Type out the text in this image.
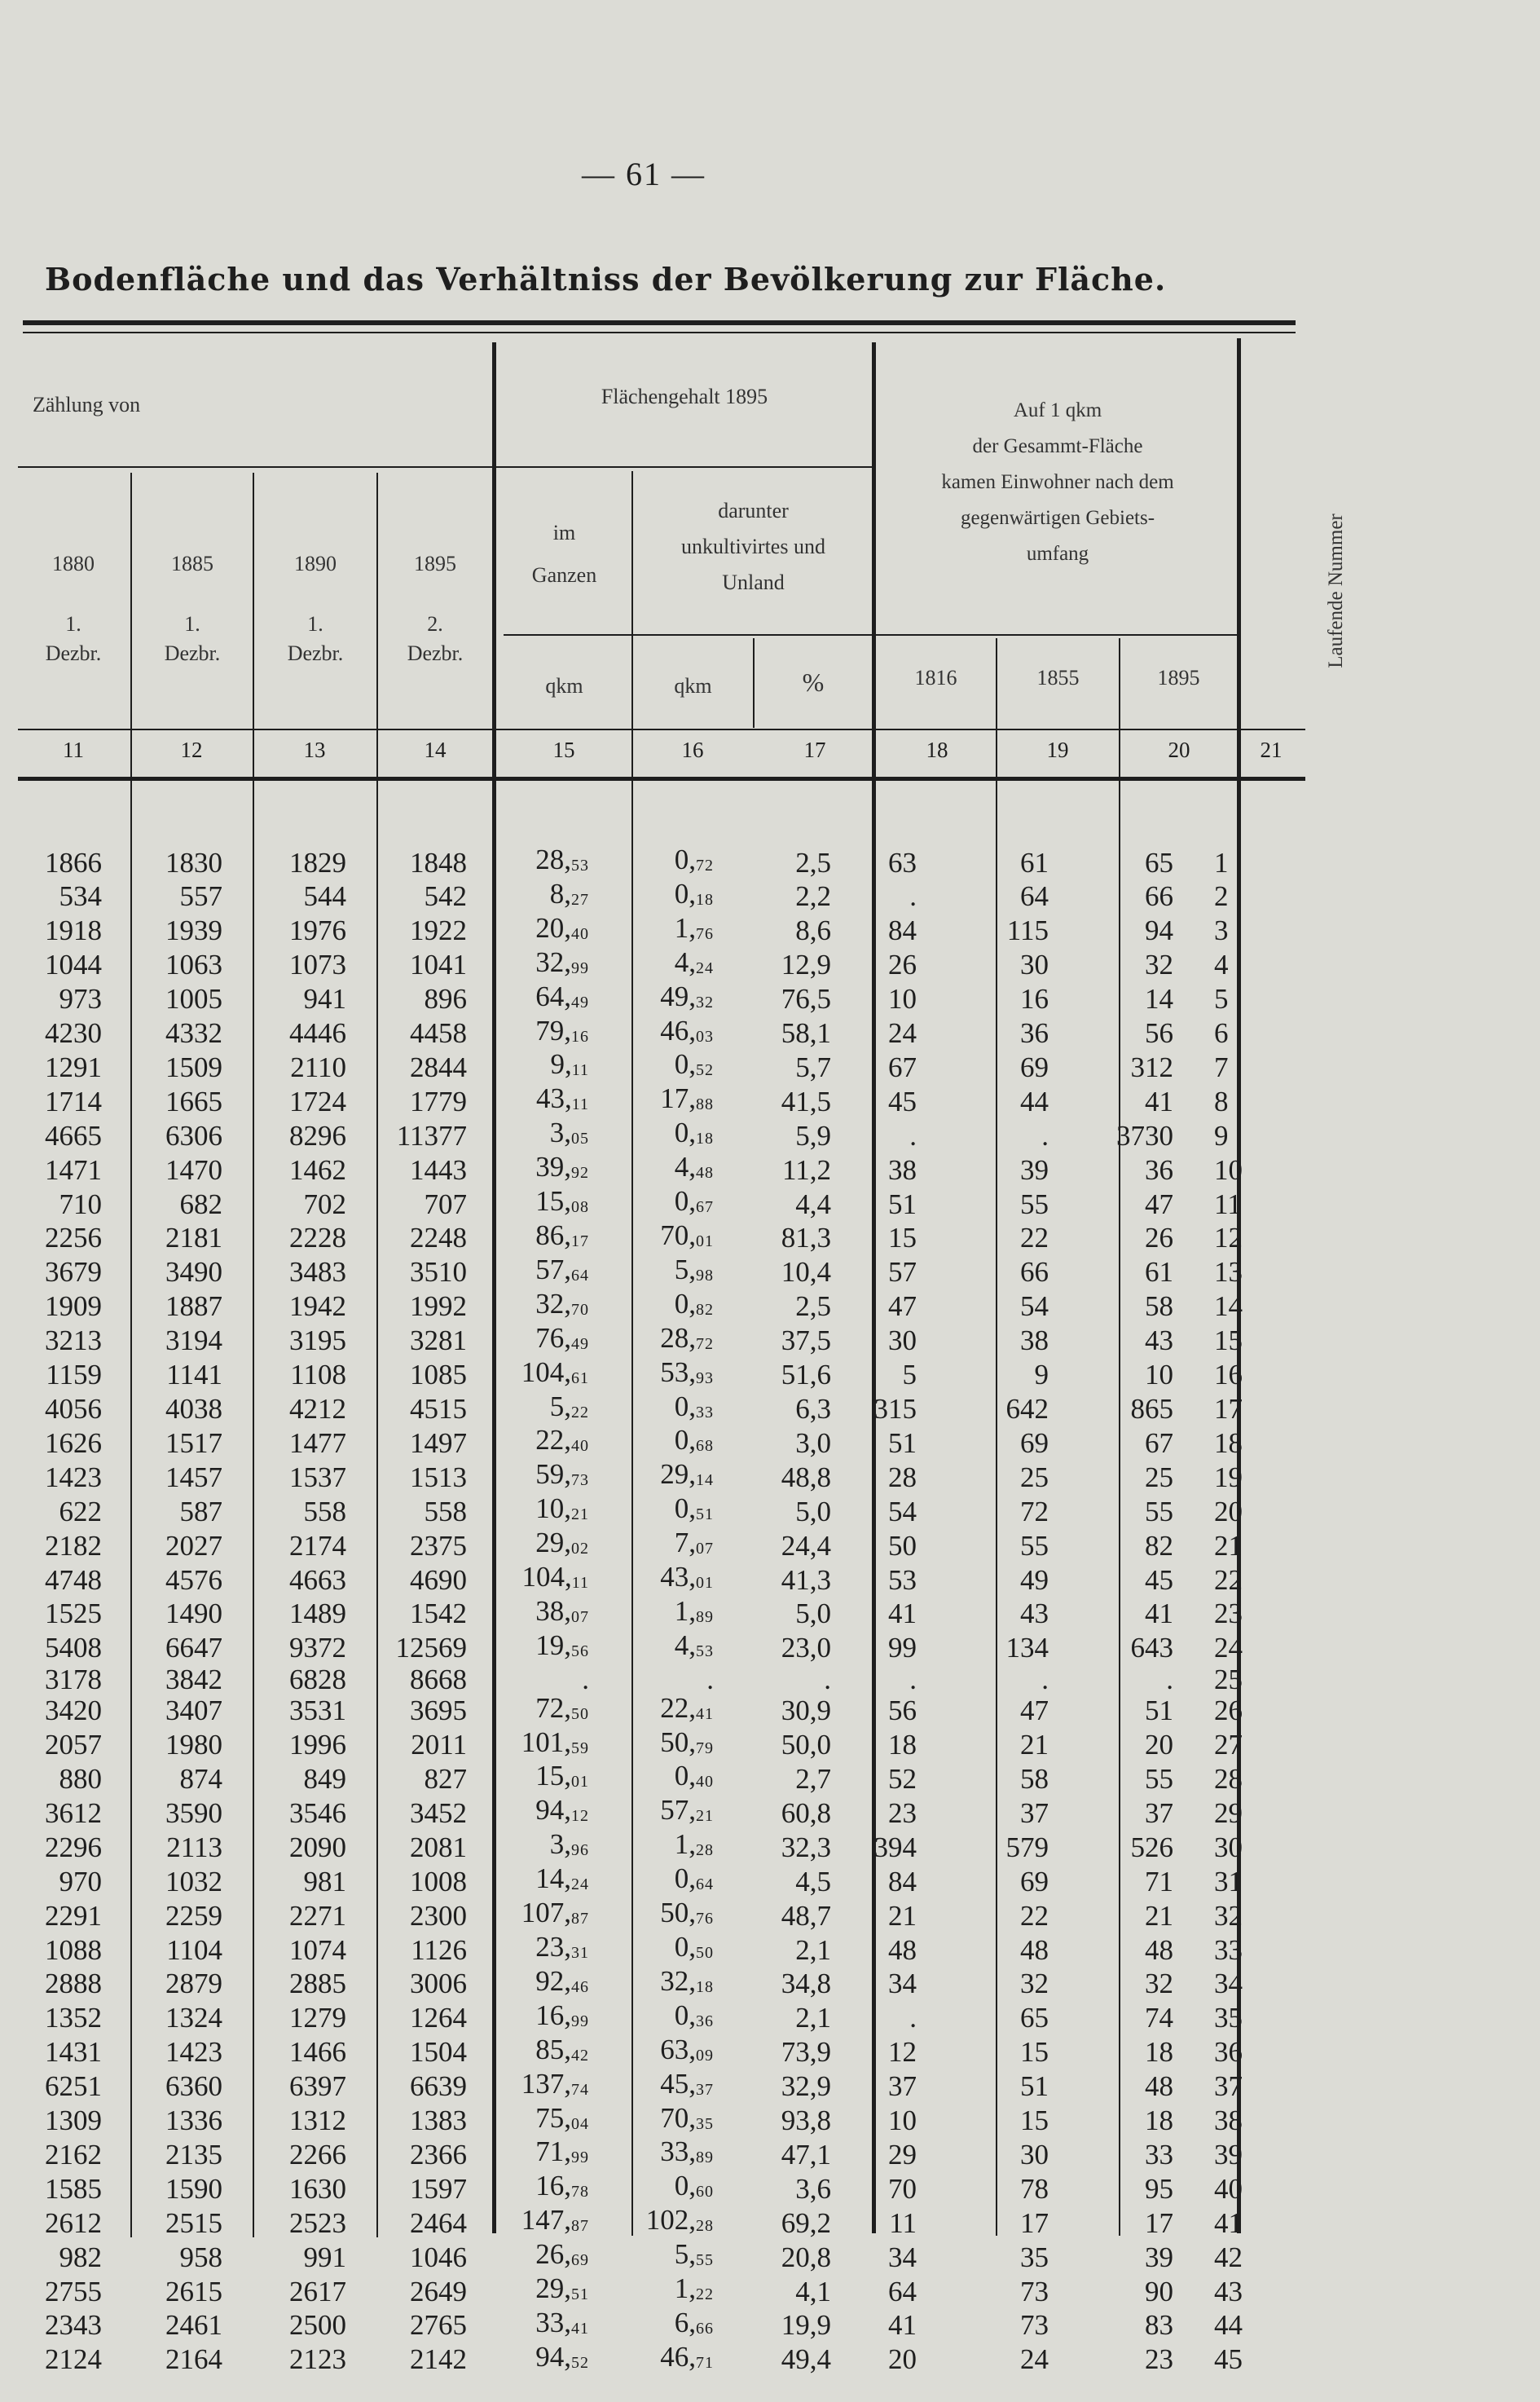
— 61 —
Bodenfläche und das Verhältniss der Bevölkerung zur Fläche.
Zählung von	Flächengehalt 1895
Auf 1 qkm
der Gesammt-Fläche
kamen Einwohner nach dem
gegenwärtigen Gebiets-
umfang	Laufende Nummer
1880	1885	1890	1895
1.
Dezbr.
1.
Dezbr.
1.
Dezbr.
2.
Dezbr.
im
Ganzen
darunter
unkultivirtes und
Unland
qkm	qkm	%	1816	1855	1895
11	12	13	14	15	16	17	18	19	20	21
1866	1830	1829	1848	$28,_{53}$	$0,_{72}$	2,5	63	61	65	1
534	557	544	542	$8,_{27}$	$0,_{18}$	2,2	.	64	66	2
1918	1939	1976	1922	$20,_{40}$	$1,_{76}$	8,6	84	115	94	3
1044	1063	1073	1041	$32,_{99}$	$4,_{24}$	12,9	26	30	32	4
973	1005	941	896	$64,_{49}$	$49,_{32}$	76,5	10	16	14	5
4230	4332	4446	4458	$79,_{16}$	$46,_{03}$	58,1	24	36	56	6
1291	1509	2110	2844	$9,_{11}$	$0,_{52}$	5,7	67	69	312	7
1714	1665	1724	1779	$43,_{11}$	$17,_{88}$	41,5	45	44	41	8
4665	6306	8296	11377	$3,_{05}$	$0,_{18}$	5,9	.	.	3730	9
1471	1470	1462	1443	$39,_{92}$	$4,_{48}$	11,2	38	39	36	10
710	682	702	707	$15,_{08}$	$0,_{67}$	4,4	51	55	47	11
2256	2181	2228	2248	$86,_{17}$	$70,_{01}$	81,3	15	22	26	12
3679	3490	3483	3510	$57,_{64}$	$5,_{98}$	10,4	57	66	61	13
1909	1887	1942	1992	$32,_{70}$	$0,_{82}$	2,5	47	54	58	14
3213	3194	3195	3281	$76,_{49}$	$28,_{72}$	37,5	30	38	43	15
1159	1141	1108	1085	$104,_{61}$	$53,_{93}$	51,6	5	9	10	16
4056	4038	4212	4515	$5,_{22}$	$0,_{33}$	6,3	315	642	865	17
1626	1517	1477	1497	$22,_{40}$	$0,_{68}$	3,0	51	69	67	18
1423	1457	1537	1513	$59,_{73}$	$29,_{14}$	48,8	28	25	25	19
622	587	558	558	$10,_{21}$	$0,_{51}$	5,0	54	72	55	20
2182	2027	2174	2375	$29,_{02}$	$7,_{07}$	24,4	50	55	82	21
4748	4576	4663	4690	$104,_{11}$	$43,_{01}$	41,3	53	49	45	22
1525	1490	1489	1542	$38,_{07}$	$1,_{89}$	5,0	41	43	41	23
5408	6647	9372	12569	$19,_{56}$	$4,_{53}$	23,0	99	134	643	24
3178	3842	6828	8668	.	.	.	.	.	.	25
3420	3407	3531	3695	$72,_{50}$	$22,_{41}$	30,9	56	47	51	26
2057	1980	1996	2011	$101,_{59}$	$50,_{79}$	50,0	18	21	20	27
880	874	849	827	$15,_{01}$	$0,_{40}$	2,7	52	58	55	28
3612	3590	3546	3452	$94,_{12}$	$57,_{21}$	60,8	23	37	37	29
2296	2113	2090	2081	$3,_{96}$	$1,_{28}$	32,3	394	579	526	30
970	1032	981	1008	$14,_{24}$	$0,_{64}$	4,5	84	69	71	31
2291	2259	2271	2300	$107,_{87}$	$50,_{76}$	48,7	21	22	21	32
1088	1104	1074	1126	$23,_{31}$	$0,_{50}$	2,1	48	48	48	33
2888	2879	2885	3006	$92,_{46}$	$32,_{18}$	34,8	34	32	32	34
1352	1324	1279	1264	$16,_{99}$	$0,_{36}$	2,1	.	65	74	35
1431	1423	1466	1504	$85,_{42}$	$63,_{09}$	73,9	12	15	18	36
6251	6360	6397	6639	$137,_{74}$	$45,_{37}$	32,9	37	51	48	37
1309	1336	1312	1383	$75,_{04}$	$70,_{35}$	93,8	10	15	18	38
2162	2135	2266	2366	$71,_{99}$	$33,_{89}$	47,1	29	30	33	39
1585	1590	1630	1597	$16,_{78}$	$0,_{60}$	3,6	70	78	95	40
2612	2515	2523	2464	$147,_{87}$	$102,_{28}$	69,2	11	17	17	41
982	958	991	1046	$26,_{69}$	$5,_{55}$	20,8	34	35	39	42
2755	2615	2617	2649	$29,_{51}$	$1,_{22}$	4,1	64	73	90	43
2343	2461	2500	2765	$33,_{41}$	$6,_{66}$	19,9	41	73	83	44
2124	2164	2123	2142	$94,_{52}$	$46,_{71}$	49,4	20	24	23	45
